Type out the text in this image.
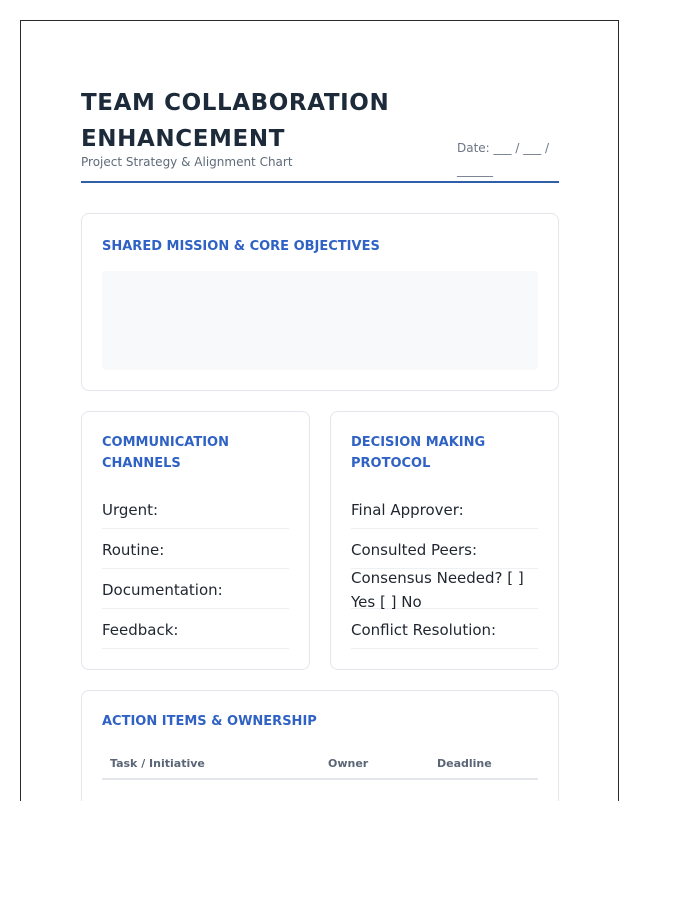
TEAM COLLABORATION ENHANCEMENT
Project Strategy & Alignment Chart
Date: ___ / ___ / ______
SHARED MISSION & CORE OBJECTIVES
COMMUNICATION CHANNELS
Urgent:
Routine:
Documentation:
Feedback:
DECISION MAKING PROTOCOL
Final Approver:
Consulted Peers:
Consensus Needed? [ ] Yes [ ] No
Conflict Resolution:
ACTION ITEMS & OWNERSHIP
Task / Initiative	Owner	Deadline
